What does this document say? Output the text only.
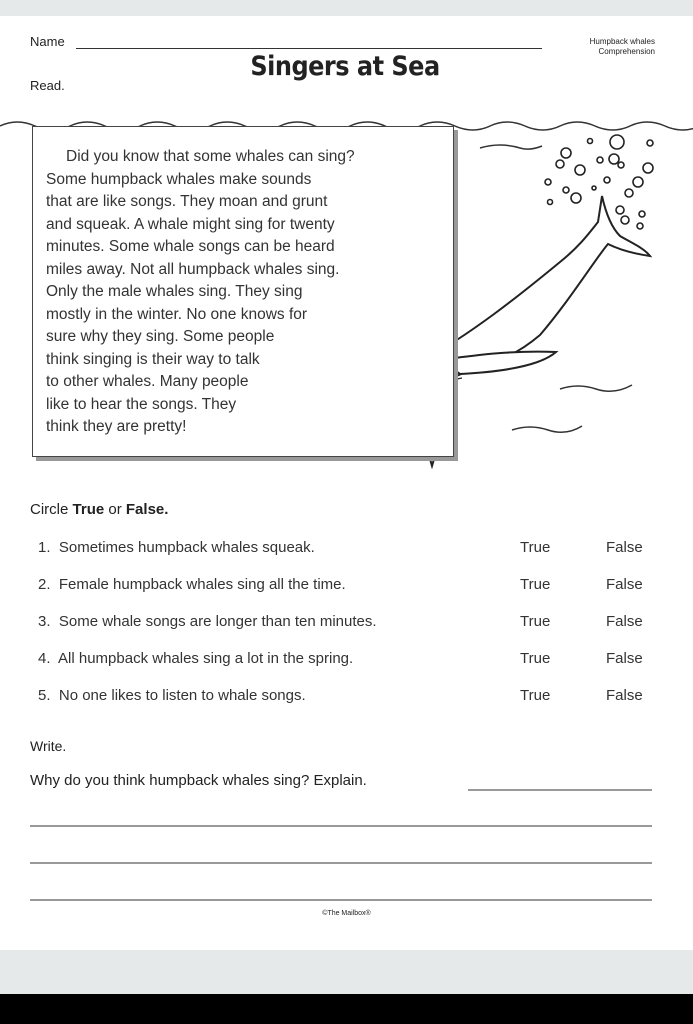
Name
Read.
Singers at Sea
Humpback whales
Comprehension
Did you know that some whales can sing?
Some humpback whales make sounds
that are like songs. They moan and grunt
and squeak. A whale might sing for twenty
minutes. Some whale songs can be heard
miles away. Not all humpback whales sing.
Only the male whales sing. They sing
mostly in the winter. No one knows for
sure why they sing. Some people
think singing is their way to talk
to other whales. Many people
like to hear the songs. They
think they are pretty!
Circle True or False.
1. Sometimes humpback whales squeak.	True	False
2. Female humpback whales sing all the time.	True	False
3. Some whale songs are longer than ten minutes.	True	False
4. All humpback whales sing a lot in the spring.	True	False
5. No one likes to listen to whale songs.	True	False
Write.
Why do you think humpback whales sing? Explain.
©The Mailbox®
